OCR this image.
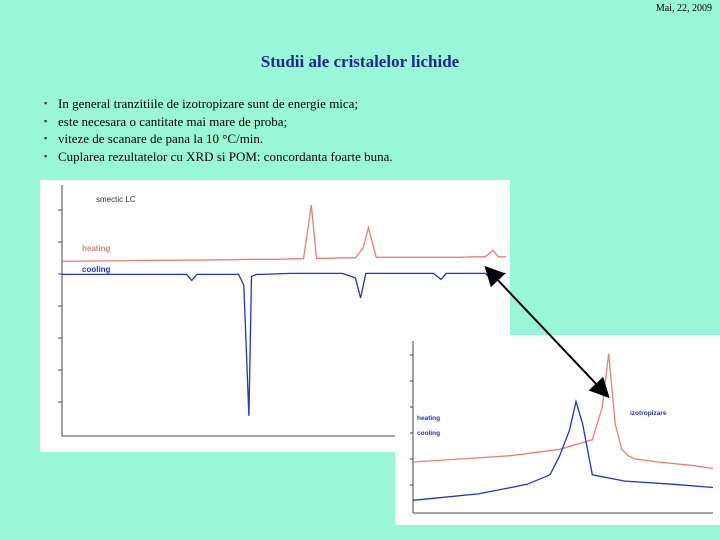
Mai, 22, 2009
Studii ale cristalelor lichide
▪ In general tranzitiile de izotropizare sunt de energie mica;
▪ este necesara o cantitate mai mare de proba;
▪ viteze de scanare de pana la 10 °C/min.
▪ Cuplarea rezultatelor cu XRD si POM: concordanta foarte buna.
smectic LC
heating
cooling
izotropizare
heating
cooling
